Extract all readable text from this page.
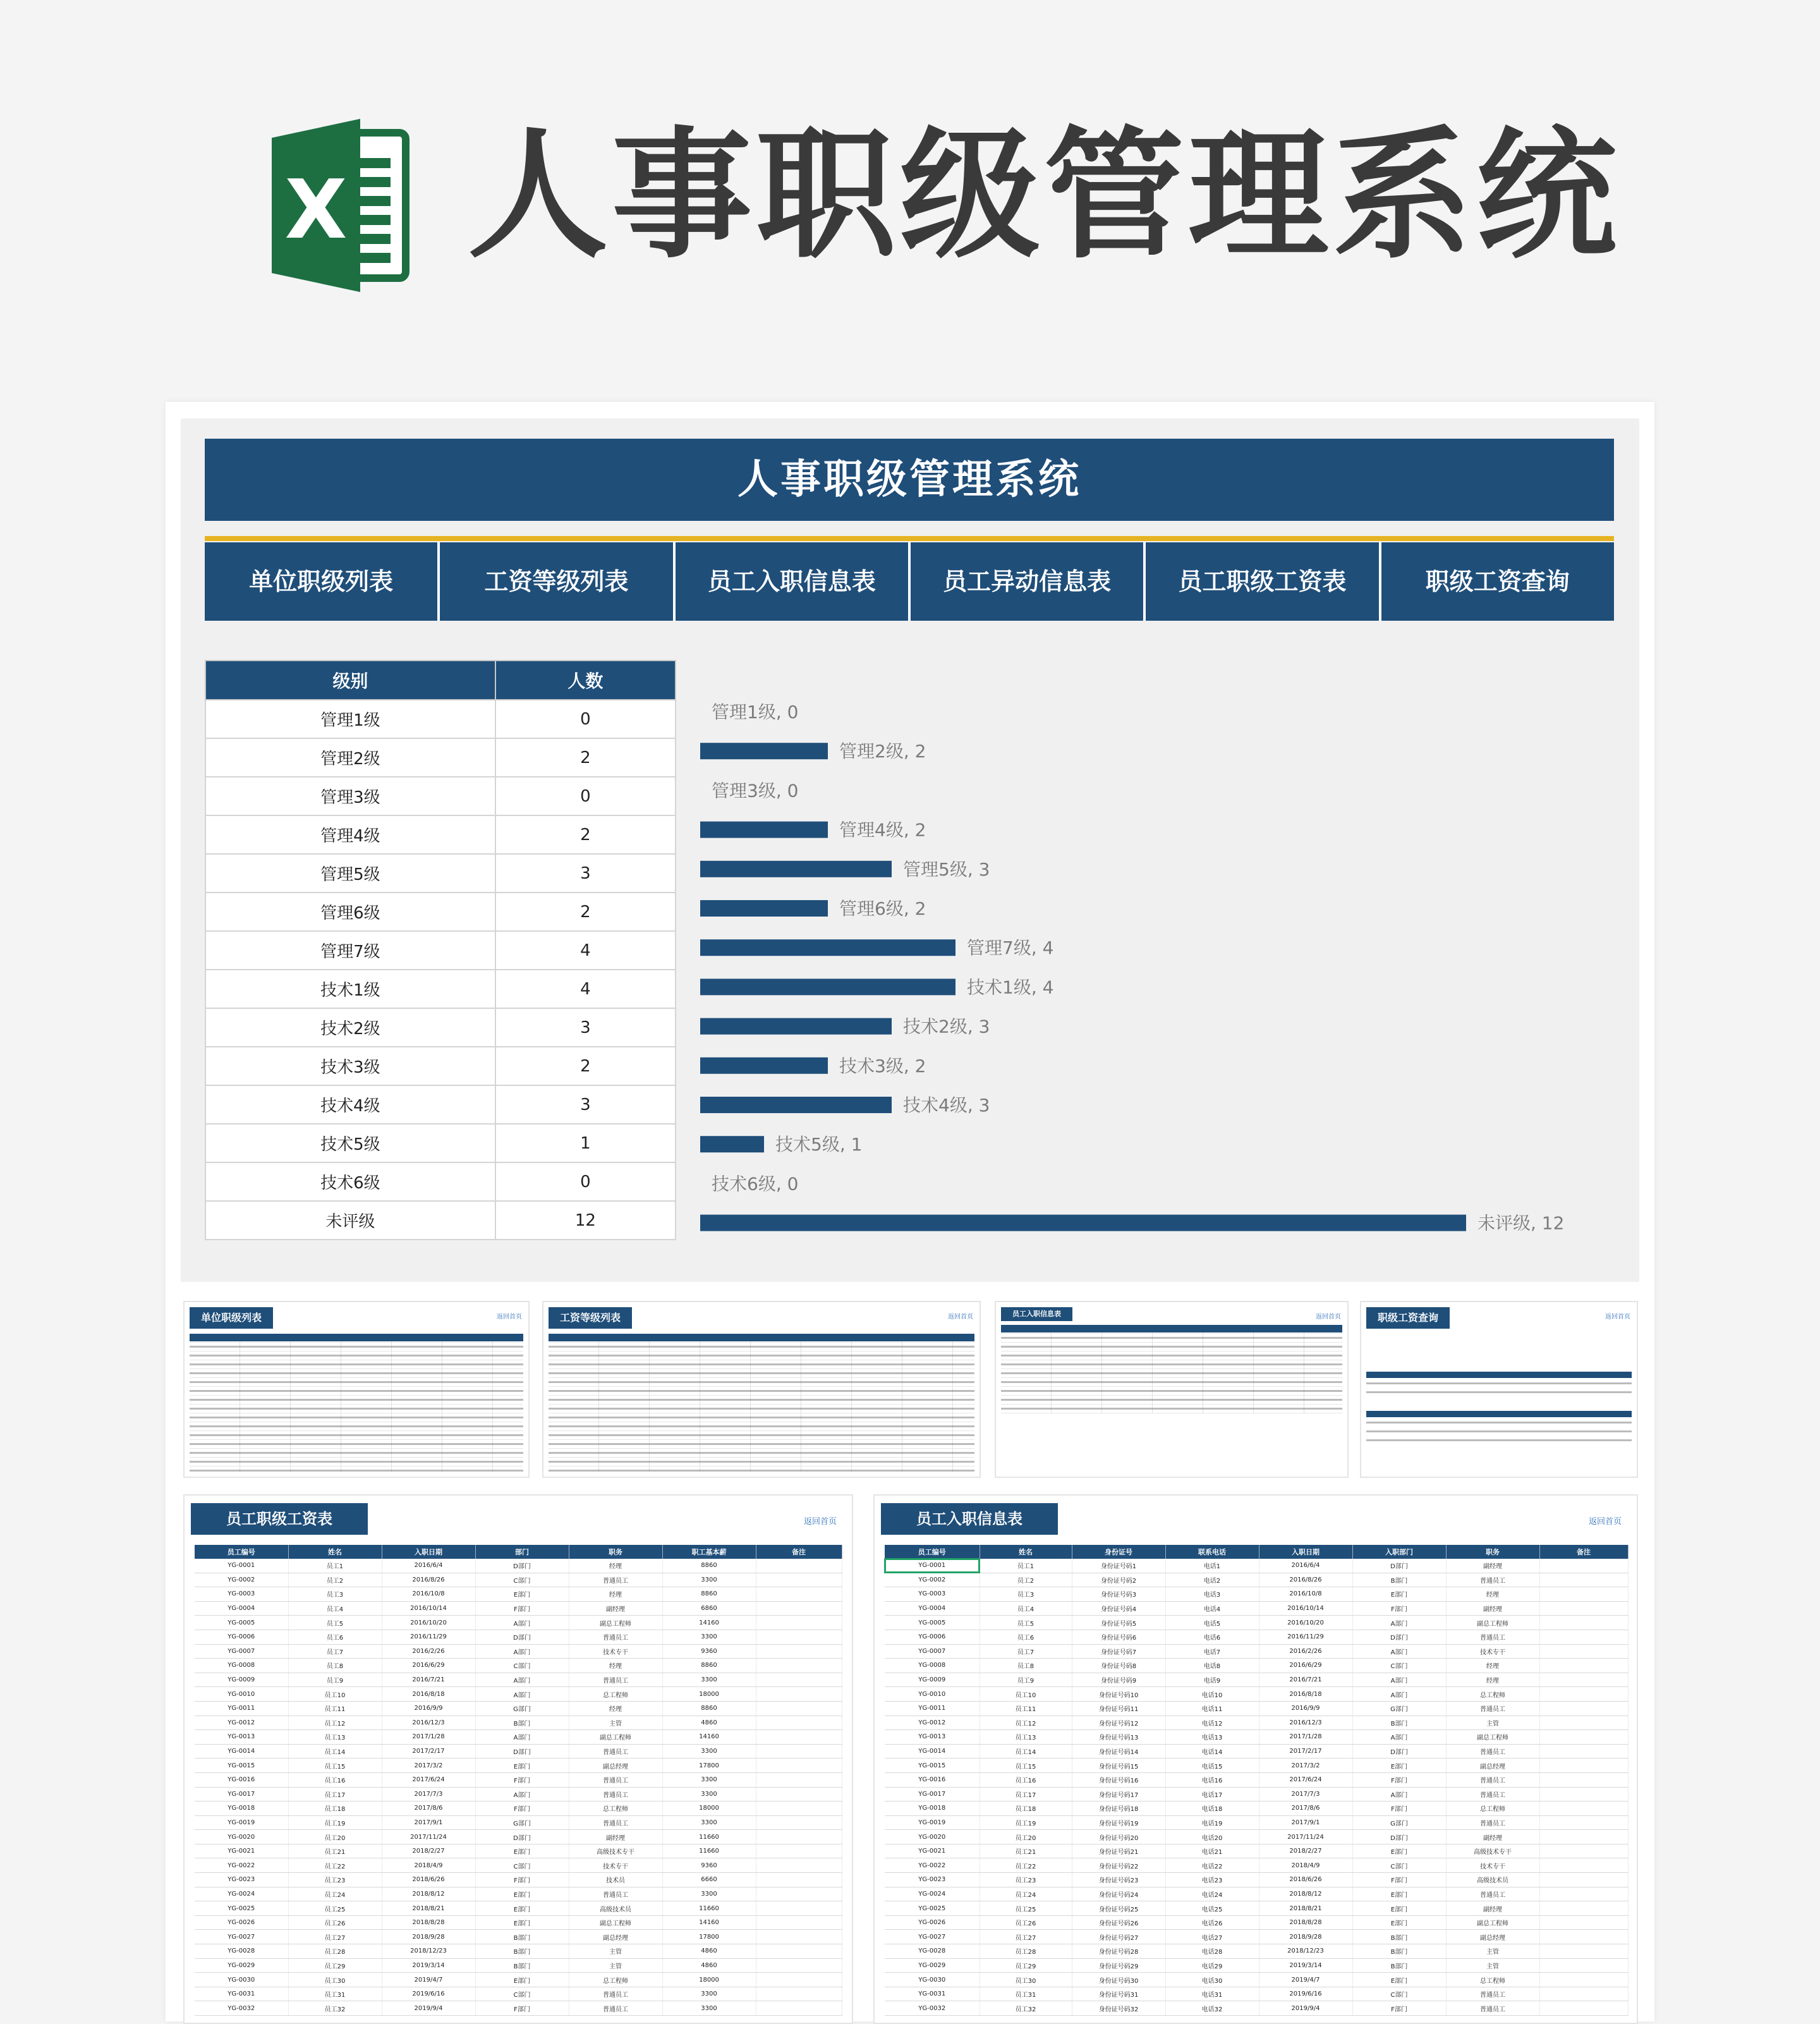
X 人事职级管理系统
人事职级管理系统
单位职级列表	工资等级列表	员工入职信息表	员工异动信息表	员工职级工资表	职级工资查询
级别	人数
管理1级	0
管理2级	2
管理3级	0
管理4级	2
管理5级	3
管理6级	2
管理7级	4
技术1级	4
技术2级	3
技术3级	2
技术4级	3
技术5级	1
技术6级	0
未评级	12
管理1级, 0
管理2级, 2
管理3级, 0
管理4级, 2
管理5级, 3
管理6级, 2
管理7级, 4
技术1级, 4
技术2级, 3
技术3级, 2
技术4级, 3
技术5级, 1
技术6级, 0
未评级, 12
单位职级列表	返回首页	工资等级列表	返回首页	员工入职信息表	返回首页	职级工资查询	返回首页
员工职级工资表	返回首页
员工编号	姓名	入职日期	部门	职务	职工基本薪	备注
YG-0001	员工1	2016/6/4	D部门	经理	8860	
YG-0002	员工2	2016/8/26	C部门	普通员工	3300	
YG-0003	员工3	2016/10/8	E部门	经理	8860	
YG-0004	员工4	2016/10/14	F部门	副经理	6860	
YG-0005	员工5	2016/10/20	A部门	副总工程师	14160	
YG-0006	员工6	2016/11/29	D部门	普通员工	3300	
YG-0007	员工7	2016/2/26	A部门	技术专干	9360	
YG-0008	员工8	2016/6/29	C部门	经理	8860	
YG-0009	员工9	2016/7/21	A部门	普通员工	3300	
YG-0010	员工10	2016/8/18	A部门	总工程师	18000	
YG-0011	员工11	2016/9/9	G部门	经理	8860	
YG-0012	员工12	2016/12/3	B部门	主管	4860	
YG-0013	员工13	2017/1/28	A部门	副总工程师	14160	
YG-0014	员工14	2017/2/17	D部门	普通员工	3300	
YG-0015	员工15	2017/3/2	E部门	副总经理	17800	
YG-0016	员工16	2017/6/24	F部门	普通员工	3300	
YG-0017	员工17	2017/7/3	A部门	普通员工	3300	
YG-0018	员工18	2017/8/6	F部门	总工程师	18000	
YG-0019	员工19	2017/9/1	G部门	普通员工	3300	
YG-0020	员工20	2017/11/24	D部门	副经理	11660	
YG-0021	员工21	2018/2/27	E部门	高级技术专干	11660	
YG-0022	员工22	2018/4/9	C部门	技术专干	9360	
YG-0023	员工23	2018/6/26	F部门	技术员	6660	
YG-0024	员工24	2018/8/12	E部门	普通员工	3300	
YG-0025	员工25	2018/8/21	E部门	高级技术员	11660	
YG-0026	员工26	2018/8/28	E部门	副总工程师	14160	
YG-0027	员工27	2018/9/28	B部门	副总经理	17800	
YG-0028	员工28	2018/12/23	B部门	主管	4860	
YG-0029	员工29	2019/3/14	B部门	主管	4860	
YG-0030	员工30	2019/4/7	E部门	总工程师	18000	
YG-0031	员工31	2019/6/16	C部门	普通员工	3300	
YG-0032	员工32	2019/9/4	F部门	普通员工	3300	
员工入职信息表	返回首页
员工编号	姓名	身份证号	联系电话	入职日期	入职部门	职务	备注
YG-0001	员工1	身份证号码1	电话1	2016/6/4	D部门	副经理	
YG-0002	员工2	身份证号码2	电话2	2016/8/26	B部门	普通员工	
YG-0003	员工3	身份证号码3	电话3	2016/10/8	E部门	经理	
YG-0004	员工4	身份证号码4	电话4	2016/10/14	F部门	副经理	
YG-0005	员工5	身份证号码5	电话5	2016/10/20	A部门	副总工程师	
YG-0006	员工6	身份证号码6	电话6	2016/11/29	D部门	普通员工	
YG-0007	员工7	身份证号码7	电话7	2016/2/26	A部门	技术专干	
YG-0008	员工8	身份证号码8	电话8	2016/6/29	C部门	经理	
YG-0009	员工9	身份证号码9	电话9	2016/7/21	A部门	经理	
YG-0010	员工10	身份证号码10	电话10	2016/8/18	A部门	总工程师	
YG-0011	员工11	身份证号码11	电话11	2016/9/9	G部门	普通员工	
YG-0012	员工12	身份证号码12	电话12	2016/12/3	B部门	主管	
YG-0013	员工13	身份证号码13	电话13	2017/1/28	A部门	副总工程师	
YG-0014	员工14	身份证号码14	电话14	2017/2/17	D部门	普通员工	
YG-0015	员工15	身份证号码15	电话15	2017/3/2	E部门	副总经理	
YG-0016	员工16	身份证号码16	电话16	2017/6/24	F部门	普通员工	
YG-0017	员工17	身份证号码17	电话17	2017/7/3	A部门	普通员工	
YG-0018	员工18	身份证号码18	电话18	2017/8/6	F部门	总工程师	
YG-0019	员工19	身份证号码19	电话19	2017/9/1	G部门	普通员工	
YG-0020	员工20	身份证号码20	电话20	2017/11/24	D部门	副经理	
YG-0021	员工21	身份证号码21	电话21	2018/2/27	E部门	高级技术专干	
YG-0022	员工22	身份证号码22	电话22	2018/4/9	C部门	技术专干	
YG-0023	员工23	身份证号码23	电话23	2018/6/26	F部门	高级技术员	
YG-0024	员工24	身份证号码24	电话24	2018/8/12	E部门	普通员工	
YG-0025	员工25	身份证号码25	电话25	2018/8/21	E部门	副经理	
YG-0026	员工26	身份证号码26	电话26	2018/8/28	E部门	副总工程师	
YG-0027	员工27	身份证号码27	电话27	2018/9/28	B部门	副总经理	
YG-0028	员工28	身份证号码28	电话28	2018/12/23	B部门	主管	
YG-0029	员工29	身份证号码29	电话29	2019/3/14	B部门	主管	
YG-0030	员工30	身份证号码30	电话30	2019/4/7	E部门	总工程师	
YG-0031	员工31	身份证号码31	电话31	2019/6/16	C部门	普通员工	
YG-0032	员工32	身份证号码32	电话32	2019/9/4	F部门	普通员工	
